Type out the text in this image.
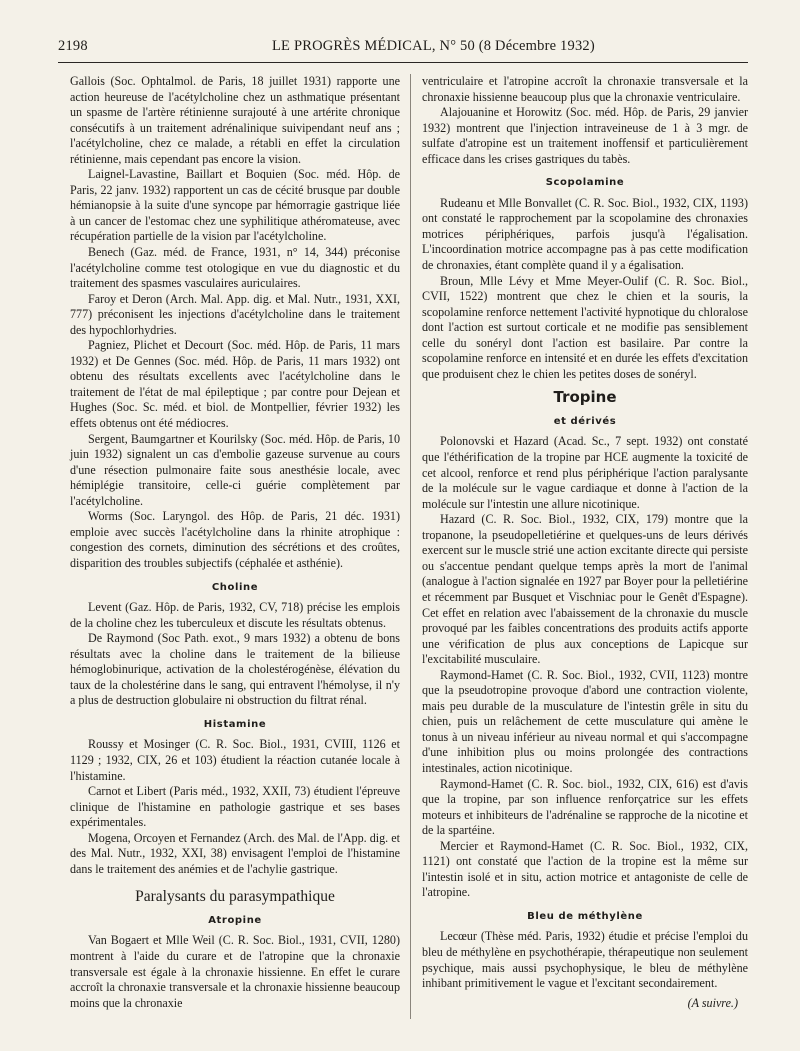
2198	LE PROGRÈS MÉDICAL, N° 50 (8 Décembre 1932)

Gallois (Soc. Ophtalmol. de Paris, 18 juillet 1931) rapporte une action heureuse de l'acétylcholine chez un asthmatique présentant un spasme de l'artère rétinienne surajouté à une artérite chronique consécutifs à un traitement adrénalinique suivipendant neuf ans ; l'acétylcholine, chez ce malade, a rétabli en effet la circulation rétinienne, mais cependant pas encore la vision.

Laignel-Lavastine, Baillart et Boquien (Soc. méd. Hôp. de Paris, 22 janv. 1932) rapportent un cas de cécité brusque par double hémianopsie à la suite d'une syncope par hémorragie gastrique liée à un cancer de l'estomac chez une syphilitique athéromateuse, avec récupération partielle de la vision par l'acétylcholine.

Benech (Gaz. méd. de France, 1931, n° 14, 344) préconise l'acétylcholine comme test otologique en vue du diagnostic et du traitement des spasmes vasculaires auriculaires.

Faroy et Deron (Arch. Mal. App. dig. et Mal. Nutr., 1931, XXI, 777) préconisent les injections d'acétylcholine dans le traitement des hypochlorhydries.

Pagniez, Plichet et Decourt (Soc. méd. Hôp. de Paris, 11 mars 1932) et De Gennes (Soc. méd. Hôp. de Paris, 11 mars 1932) ont obtenu des résultats excellents avec l'acétylcholine dans le traitement de l'état de mal épileptique ; par contre pour Dejean et Hughes (Soc. Sc. méd. et biol. de Montpellier, février 1932) les effets obtenus ont été médiocres.

Sergent, Baumgartner et Kourilsky (Soc. méd. Hôp. de Paris, 10 juin 1932) signalent un cas d'embolie gazeuse survenue au cours d'une résection pulmonaire faite sous anesthésie locale, avec hémiplégie transitoire, celle-ci guérie complètement par l'acétylcholine.

Worms (Soc. Laryngol. des Hôp. de Paris, 21 déc. 1931) emploie avec succès l'acétylcholine dans la rhinite atrophique : congestion des cornets, diminution des sécrétions et des croûtes, disparition des troubles subjectifs (céphalée et asthénie).

Choline

Levent (Gaz. Hôp. de Paris, 1932, CV, 718) précise les emplois de la choline chez les tuberculeux et discute les résultats obtenus.

De Raymond (Soc Path. exot., 9 mars 1932) a obtenu de bons résultats avec la choline dans le traitement de la bilieuse hémoglobinurique, activation de la cholestérogénèse, élévation du taux de la cholestérine dans le sang, qui entravent l'hémolyse, il n'y a plus de destruction globulaire ni obstruction du filtrat rénal.

Histamine

Roussy et Mosinger (C. R. Soc. Biol., 1931, CVIII, 1126 et 1129 ; 1932, CIX, 26 et 103) étudient la réaction cutanée locale à l'histamine.

Carnot et Libert (Paris méd., 1932, XXII, 73) étudient l'épreuve clinique de l'histamine en pathologie gastrique et ses bases expérimentales.

Mogena, Orcoyen et Fernandez (Arch. des Mal. de l'App. dig. et des Mal. Nutr., 1932, XXI, 38) envisagent l'emploi de l'histamine dans le traitement des anémies et de l'achylie gastrique.

Paralysants du parasympathique
Atropine

Van Bogaert et Mlle Weil (C. R. Soc. Biol., 1931, CVII, 1280) montrent à l'aide du curare et de l'atropine que la chronaxie transversale est égale à la chronaxie hissienne. En effet le curare accroît la chronaxie transversale et la chronaxie hissienne beaucoup moins que la chronaxie

ventriculaire et l'atropine accroît la chronaxie transversale et la chronaxie hissienne beaucoup plus que la chronaxie ventriculaire.

Alajouanine et Horowitz (Soc. méd. Hôp. de Paris, 29 janvier 1932) montrent que l'injection intraveineuse de 1 à 3 mgr. de sulfate d'atropine est un traitement inoffensif et particulièrement efficace dans les crises gastriques du tabès.

Scopolamine

Rudeanu et Mlle Bonvallet (C. R. Soc. Biol., 1932, CIX, 1193) ont constaté le rapprochement par la scopolamine des chronaxies motrices périphériques, parfois jusqu'à l'égalisation. L'incoordination motrice accompagne pas à pas cette modification de chronaxies, étant complète quand il y a égalisation.

Broun, Mlle Lévy et Mme Meyer-Oulif (C. R. Soc. Biol., CVII, 1522) montrent que chez le chien et la souris, la scopolamine renforce nettement l'activité hypnotique du chloralose dont l'action est surtout corticale et ne modifie pas sensiblement celle du sonéryl dont l'action est basilaire. Par contre la scopolamine renforce en intensité et en durée les effets d'excitation que produisent chez le chien les petites doses de sonéryl.

Tropine
et dérivés

Polonovski et Hazard (Acad. Sc., 7 sept. 1932) ont constaté que l'éthérification de la tropine par HCE augmente la toxicité de cet alcool, renforce et rend plus périphérique l'action paralysante de la molécule sur le vague cardiaque et donne à l'action de la molécule sur l'intestin une allure nicotinique.

Hazard (C. R. Soc. Biol., 1932, CIX, 179) montre que la tropanone, la pseudopelletiérine et quelques-uns de leurs dérivés exercent sur le muscle strié une action excitante directe qui persiste ou s'accentue pendant quelque temps après la mort de l'animal (analogue à l'action signalée en 1927 par Boyer pour la pelletiérine et récemment par Busquet et Vischniac pour le Genêt d'Espagne). Cet effet en relation avec l'abaissement de la chronaxie du muscle provoqué par les faibles concentrations des produits actifs apporte une vérification de plus aux conceptions de Lapicque sur l'excitabilité musculaire.

Raymond-Hamet (C. R. Soc. Biol., 1932, CVII, 1123) montre que la pseudotropine provoque d'abord une contraction violente, mais peu durable de la musculature de l'intestin grêle in situ du chien, puis un relâchement de cette musculature qui amène le tonus à un niveau inférieur au niveau normal et qui s'accompagne d'une inhibition plus ou moins prolongée des contractions intestinales, action nicotinique.

Raymond-Hamet (C. R. Soc. biol., 1932, CIX, 616) est d'avis que la tropine, par son influence renforçatrice sur les effets moteurs et inhibiteurs de l'adrénaline se rapproche de la nicotine et de la spartéine.

Mercier et Raymond-Hamet (C. R. Soc. Biol., 1932, CIX, 1121) ont constaté que l'action de la tropine est la même sur l'intestin isolé et in situ, action motrice et antagoniste de celle de l'atropine.

Bleu de méthylène

Lecœur (Thèse méd. Paris, 1932) étudie et précise l'emploi du bleu de méthylène en psychothérapie, thérapeutique non seulement psychique, mais aussi psychophysique, le bleu de méthylène inhibant primitivement le vague et l'excitant secondairement.

(A suivre.)
